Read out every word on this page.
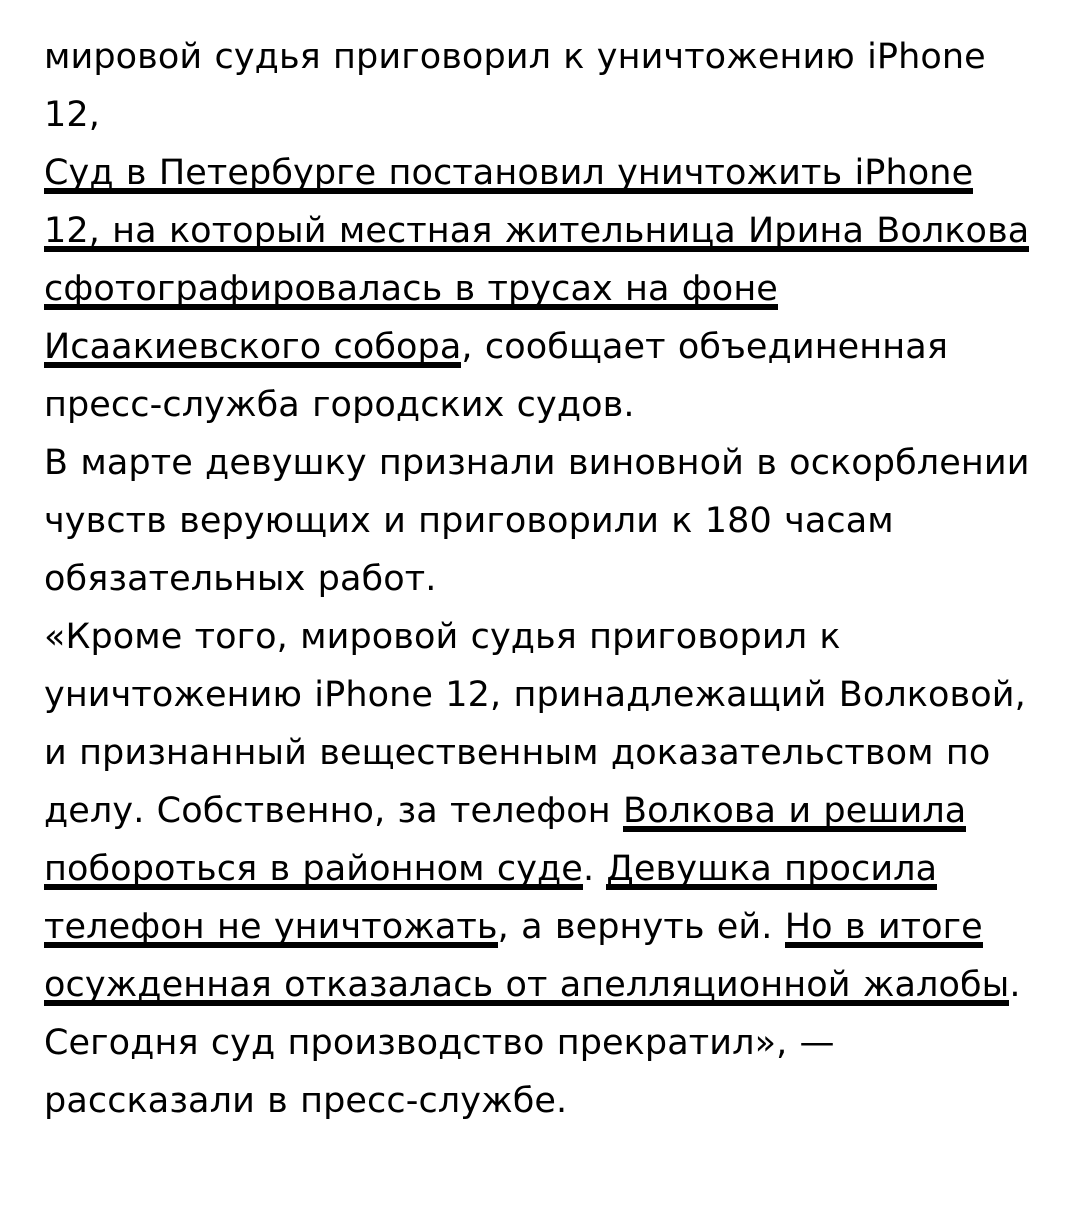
мировой судья приговорил к уничтожению iPhone 12,

Суд в Петербурге постановил уничтожить iPhone 12, на который местная жительница Ирина Волкова сфотографировалась в трусах на фоне Исаакиевского собора, сообщает объединенная пресс-служба городских судов.

В марте девушку признали виновной в оскорблении чувств верующих и приговорили к 180 часам обязательных работ.

«Кроме того, мировой судья приговорил к уничтожению iPhone 12, принадлежащий Волковой, и признанный вещественным доказательством по делу. Собственно, за телефон Волкова и решила побороться в районном суде. Девушка просила телефон не уничтожать, а вернуть ей. Но в итоге осужденная отказалась от апелляционной жалобы. Сегодня суд производство прекратил», — рассказали в пресс-службе.
